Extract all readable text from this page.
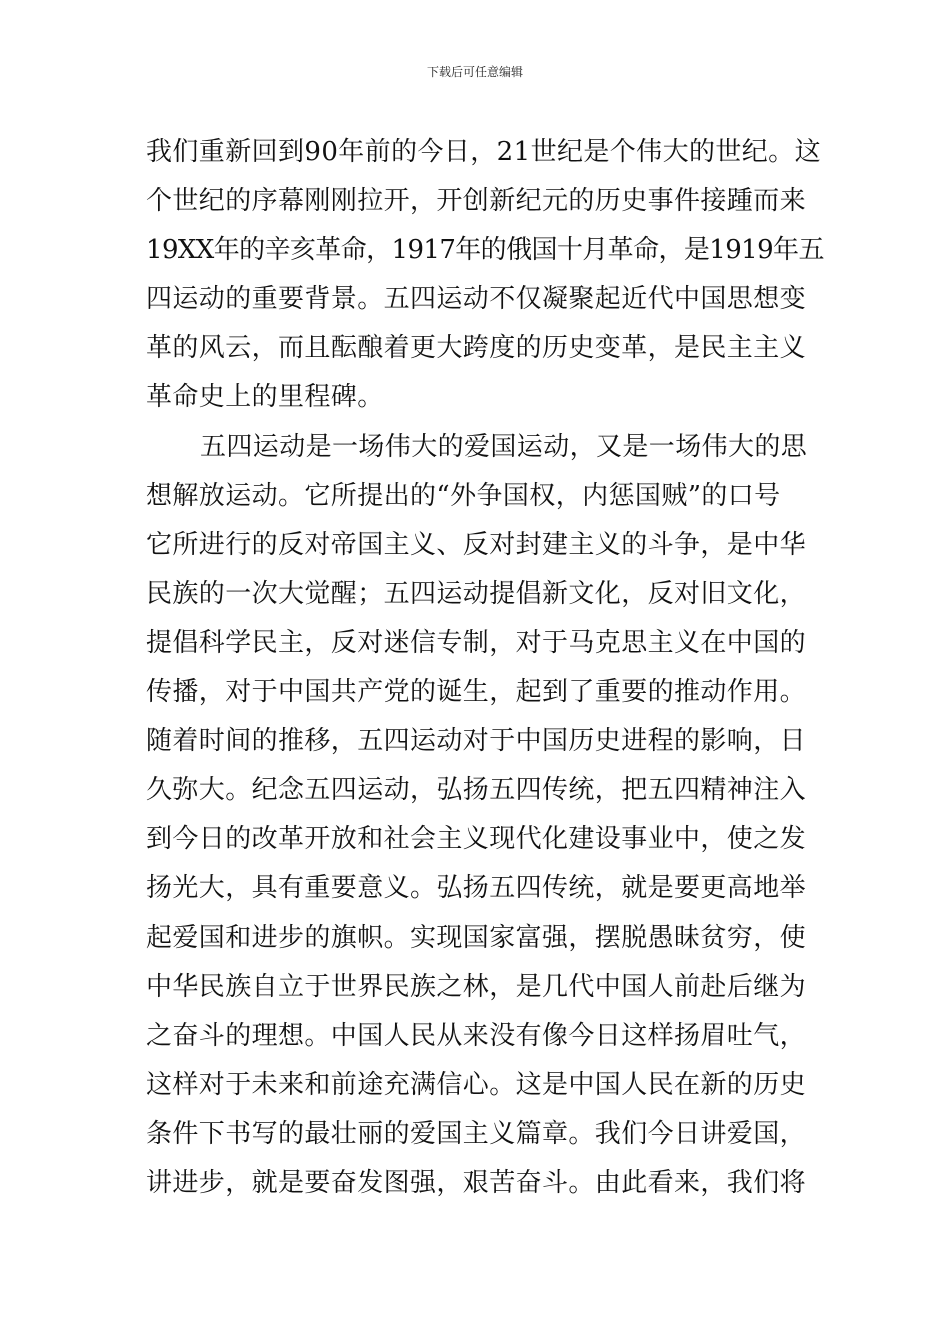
下载后可任意编辑
我们重新回到90年前的今日，21世纪是个伟大的世纪。这
个世纪的序幕刚刚拉开，开创新纪元的历史事件接踵而来
19XX年的辛亥革命，1917年的俄国十月革命，是1919年五
四运动的重要背景。五四运动不仅凝聚起近代中国思想变
革的风云，而且酝酿着更大跨度的历史变革，是民主主义
革命史上的里程碑。
五四运动是一场伟大的爱国运动，又是一场伟大的思
想解放运动。它所提出的“外争国权，内惩国贼”的口号
它所进行的反对帝国主义、反对封建主义的斗争，是中华
民族的一次大觉醒；五四运动提倡新文化，反对旧文化，
提倡科学民主，反对迷信专制，对于马克思主义在中国的
传播，对于中国共产党的诞生，起到了重要的推动作用。
随着时间的推移，五四运动对于中国历史进程的影响，日
久弥大。纪念五四运动，弘扬五四传统，把五四精神注入
到今日的改革开放和社会主义现代化建设事业中，使之发
扬光大，具有重要意义。弘扬五四传统，就是要更高地举
起爱国和进步的旗帜。实现国家富强，摆脱愚昧贫穷，使
中华民族自立于世界民族之林，是几代中国人前赴后继为
之奋斗的理想。中国人民从来没有像今日这样扬眉吐气，
这样对于未来和前途充满信心。这是中国人民在新的历史
条件下书写的最壮丽的爱国主义篇章。我们今日讲爱国，
讲进步，就是要奋发图强，艰苦奋斗。由此看来，我们将
